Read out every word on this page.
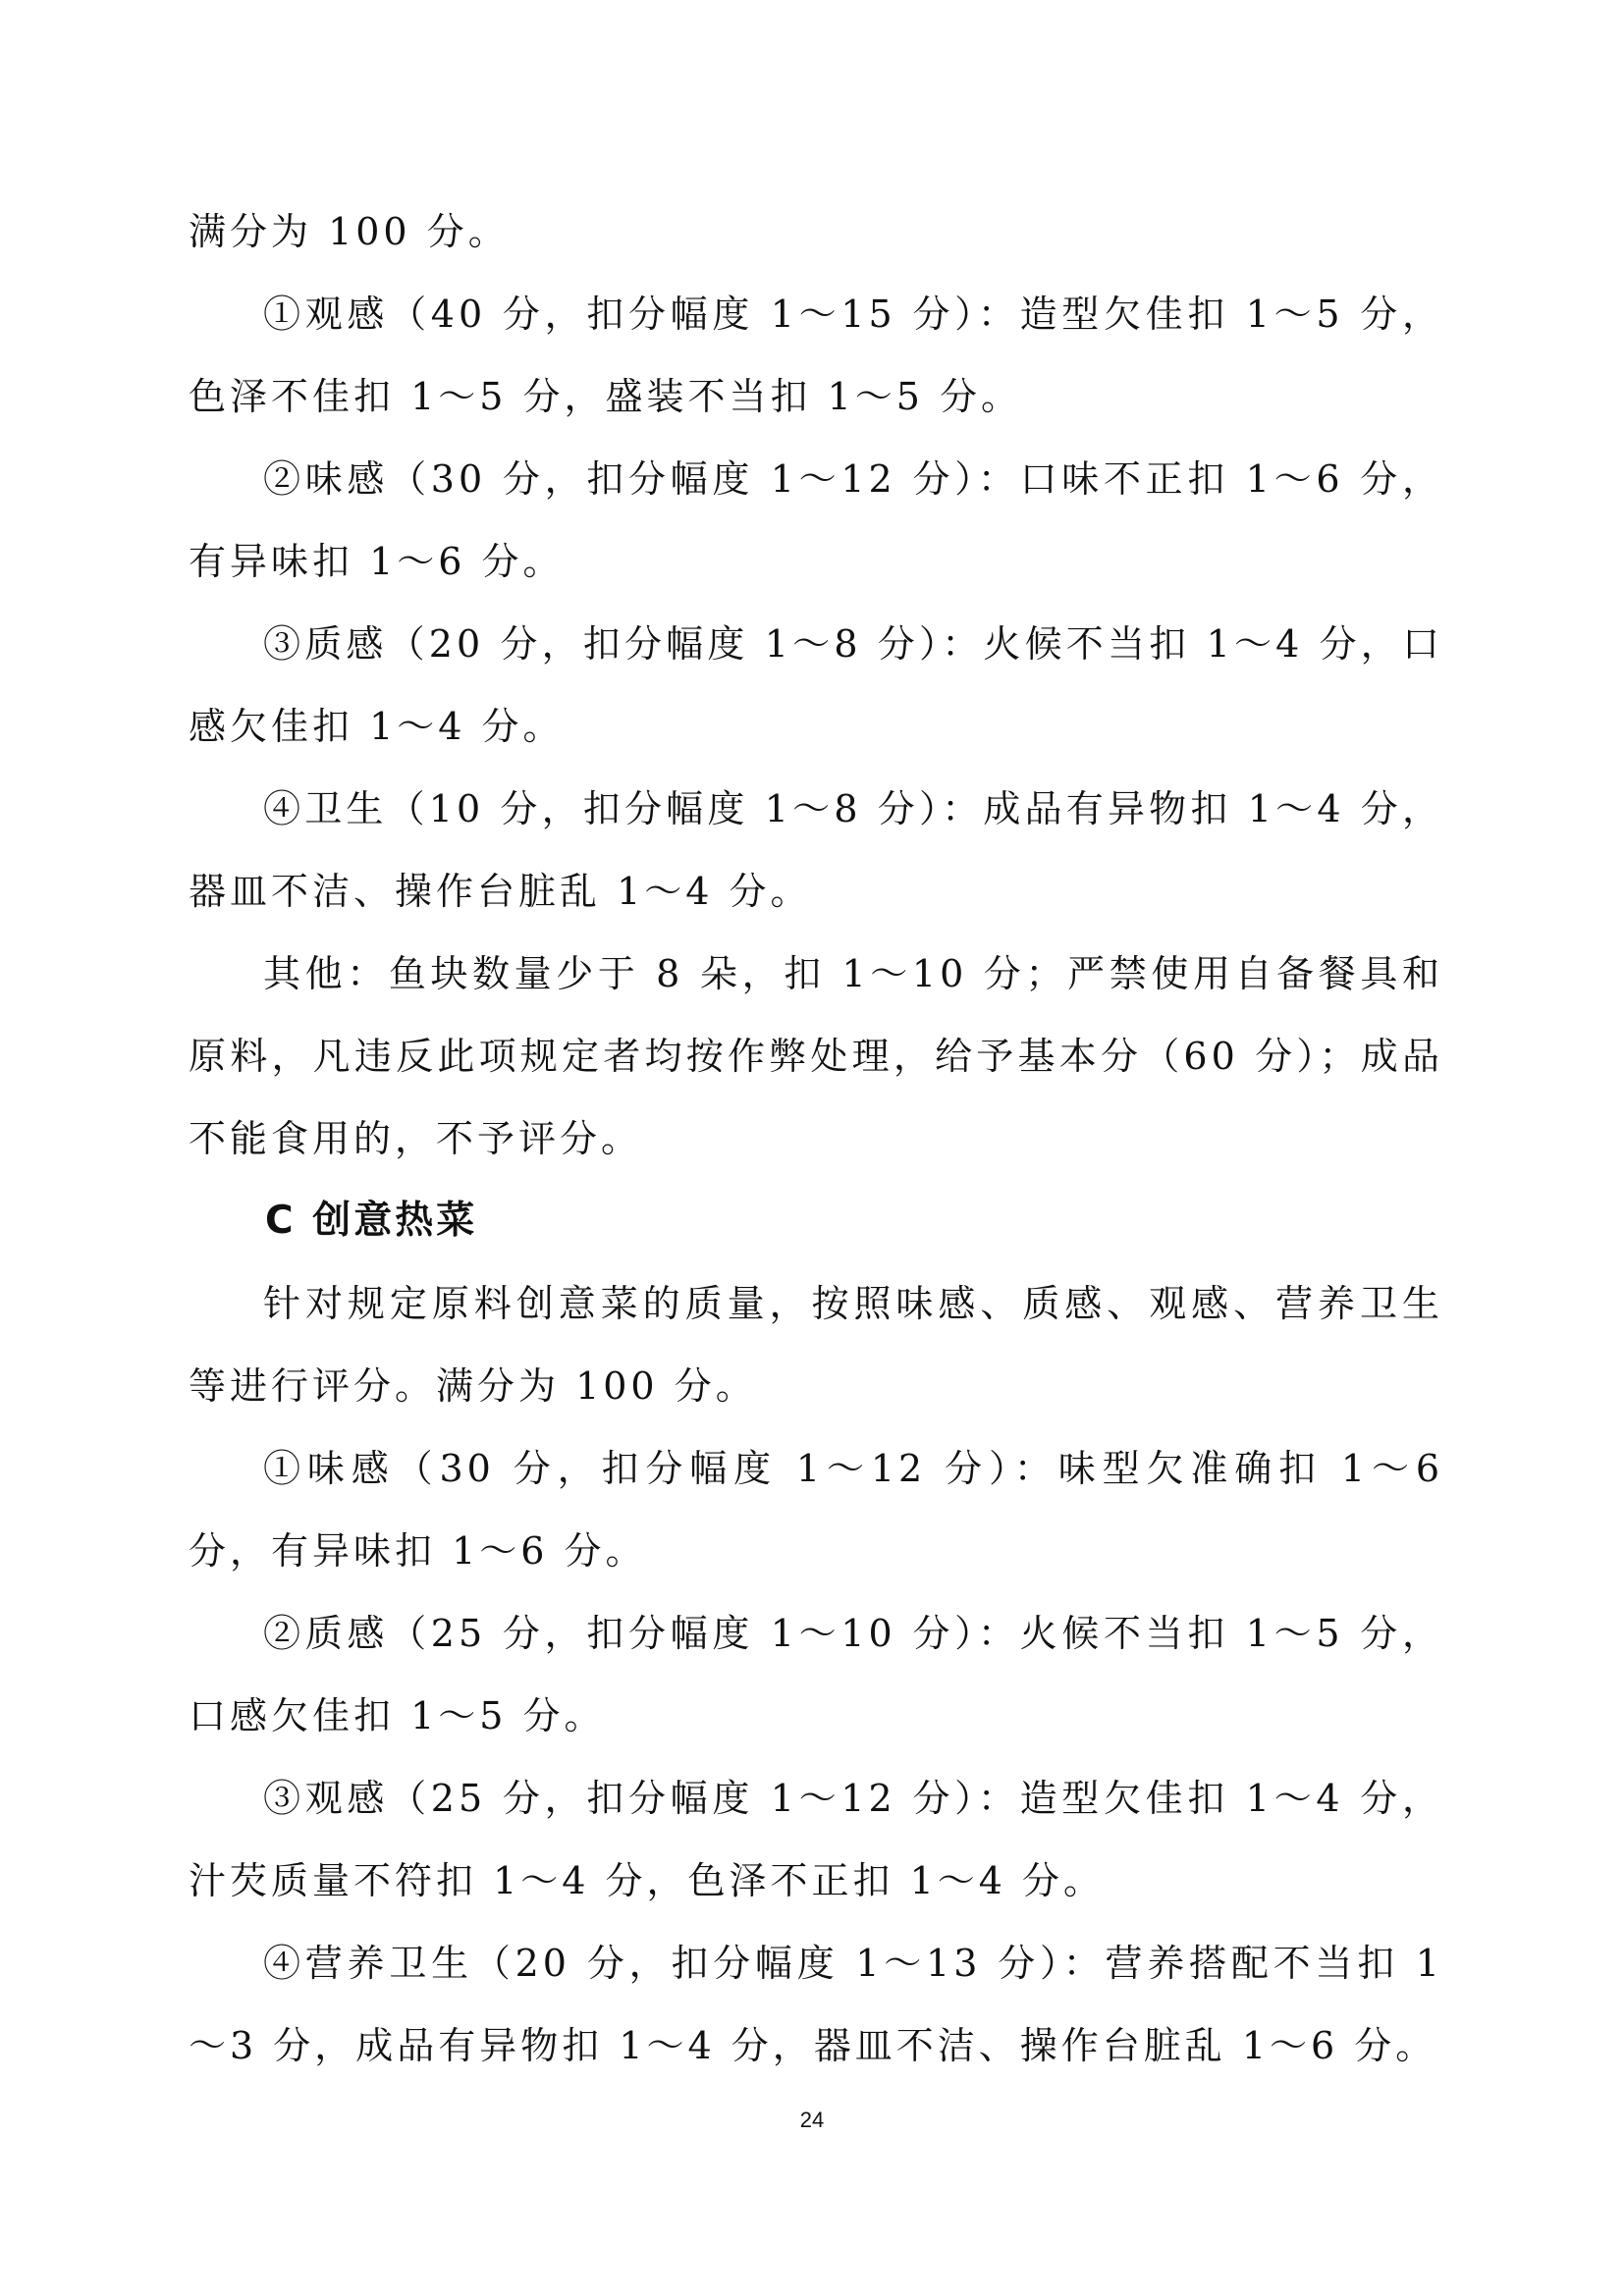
满分为 100 分。

①观感（40 分，扣分幅度 1～15 分）：造型欠佳扣 1～5 分，色泽不佳扣 1～5 分，盛装不当扣 1～5 分。

②味感（30 分，扣分幅度 1～12 分）：口味不正扣 1～6 分，有异味扣 1～6 分。

③质感（20 分，扣分幅度 1～8 分）：火候不当扣 1～4 分，口感欠佳扣 1～4 分。

④卫生（10 分，扣分幅度 1～8 分）：成品有异物扣 1～4 分，器皿不洁、操作台脏乱 1～4 分。

其他：鱼块数量少于 8 朵，扣 1～10 分；严禁使用自备餐具和原料，凡违反此项规定者均按作弊处理，给予基本分（60 分）；成品不能食用的，不予评分。

C 创意热菜

针对规定原料创意菜的质量，按照味感、质感、观感、营养卫生等进行评分。满分为 100 分。

①味感（30 分，扣分幅度 1～12 分）：味型欠准确扣 1～6 分，有异味扣 1～6 分。

②质感（25 分，扣分幅度 1～10 分）：火候不当扣 1～5 分，口感欠佳扣 1～5 分。

③观感（25 分，扣分幅度 1～12 分）：造型欠佳扣 1～4 分，汁芡质量不符扣 1～4 分，色泽不正扣 1～4 分。

④营养卫生（20 分，扣分幅度 1～13 分）：营养搭配不当扣 1～3 分，成品有异物扣 1～4 分，器皿不洁、操作台脏乱 1～6 分。

24
